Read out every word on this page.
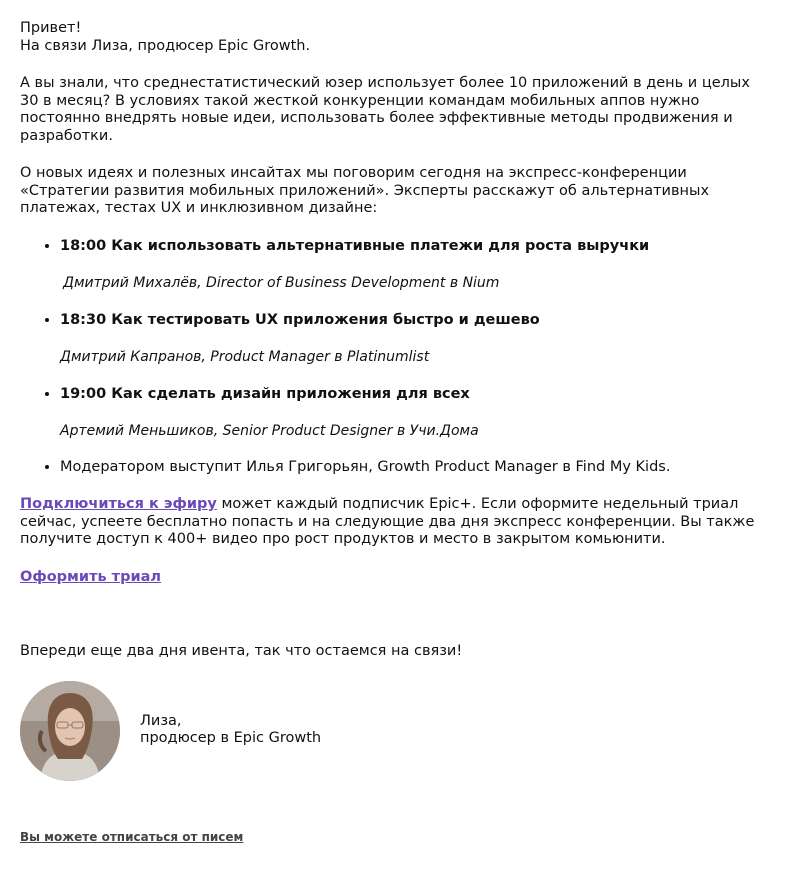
Привет!
На связи Лиза, продюсер Epic Growth.

А вы знали, что среднестатистический юзер использует более 10 приложений в день и целых 30 в месяц? В условиях такой жесткой конкуренции командам мобильных аппов нужно постоянно внедрять новые идеи, использовать более эффективные методы продвижения и разработки.

О новых идеях и полезных инсайтах мы поговорим сегодня на экспресс-конференции «Стратегии развития мобильных приложений». Эксперты расскажут об альтернативных платежах, тестах UX и инклюзивном дизайне:

• 18:00 Как использовать альтернативные платежи для роста выручки
Дмитрий Михалёв, Director of Business Development в Nium
• 18:30 Как тестировать UX приложения быстро и дешево
Дмитрий Капранов, Product Manager в Platinumlist
• 19:00 Как сделать дизайн приложения для всех
Артемий Меньшиков, Senior Product Designer в Учи.Дома
• Модератором выступит Илья Григорьян, Growth Product Manager в Find My Kids.

Подключиться к эфиру может каждый подписчик Epic+. Если оформите недельный триал сейчас, успеете бесплатно попасть и на следующие два дня экспресс конференции. Вы также получите доступ к 400+ видео про рост продуктов и место в закрытом комьюнити.

Оформить триал

Впереди еще два дня ивента, так что остаемся на связи!

Лиза,
продюсер в Epic Growth

Вы можете отписаться от писем
